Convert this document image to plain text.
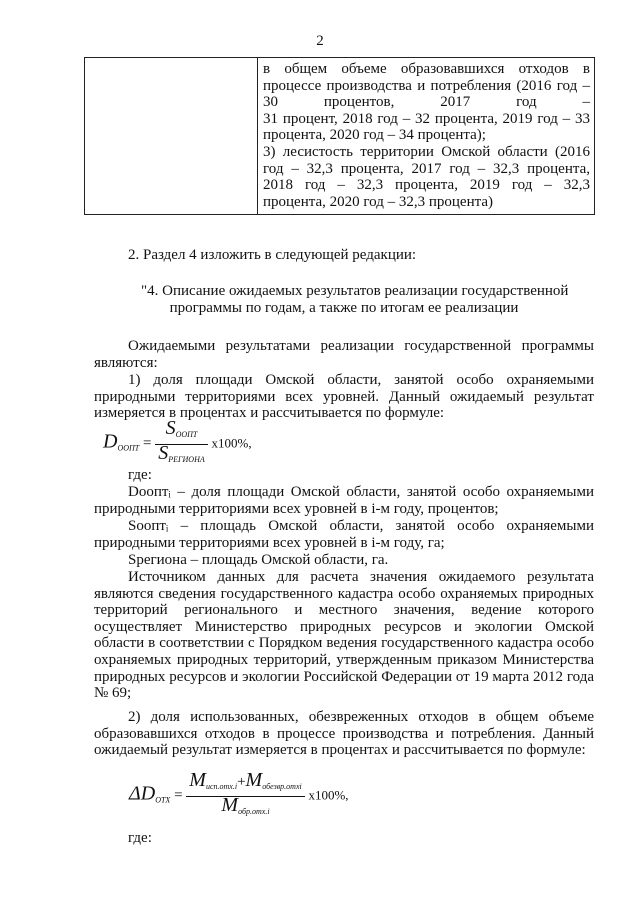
2

в общем объеме образовавшихся отходов в
процессе производства и потребления (2016 год –
30 процентов, 2017 год –
31 процент, 2018 год – 32 процента, 2019 год – 33
процента, 2020 год – 34 процента);
3) лесистость территории Омской области (2016
год – 32,3 процента, 2017 год – 32,3 процента,
2018 год – 32,3 процента, 2019 год – 32,3
процента, 2020 год – 32,3 процента)
2. Раздел 4 изложить в следующей редакции:
"4. Описание ожидаемых результатов реализации государственной
программы по годам, а также по итогам ее реализации
Ожидаемыми результатами реализации государственной программы являются:
1) доля площади Омской области, занятой особо охраняемыми природными территориями всех уровней. Данный ожидаемый результат измеряется в процентах и рассчитывается по формуле:
$D_{ООПТ} = \frac{S_{ООПТ}}{S_{РЕГИОНА}} x100\%$,
где:
Dооптᵢ – доля площади Омской области, занятой особо охраняемыми природными территориями всех уровней в i-м году, процентов;
Sооптᵢ – площадь Омской области, занятой особо охраняемыми природными территориями всех уровней в i-м году, га;
Sрегиона – площадь Омской области, га.
Источником данных для расчета значения ожидаемого результата являются сведения государственного кадастра особо охраняемых природных территорий регионального и местного значения, ведение которого осуществляет Министерство природных ресурсов и экологии Омской области в соответствии с Порядком ведения государственного кадастра особо охраняемых природных территорий, утвержденным приказом Министерства природных ресурсов и экологии Российской Федерации от 19 марта 2012 года № 69;
2) доля использованных, обезвреженных отходов в общем объеме образовавшихся отходов в процессе производства и потребления. Данный ожидаемый результат измеряется в процентах и рассчитывается по формуле:
$\Delta D_{ОТХ} = \frac{M_{исп.отх.i}+M_{обезвр.отхi}}{M_{обр.отх.i}} x100\%$,
где:
